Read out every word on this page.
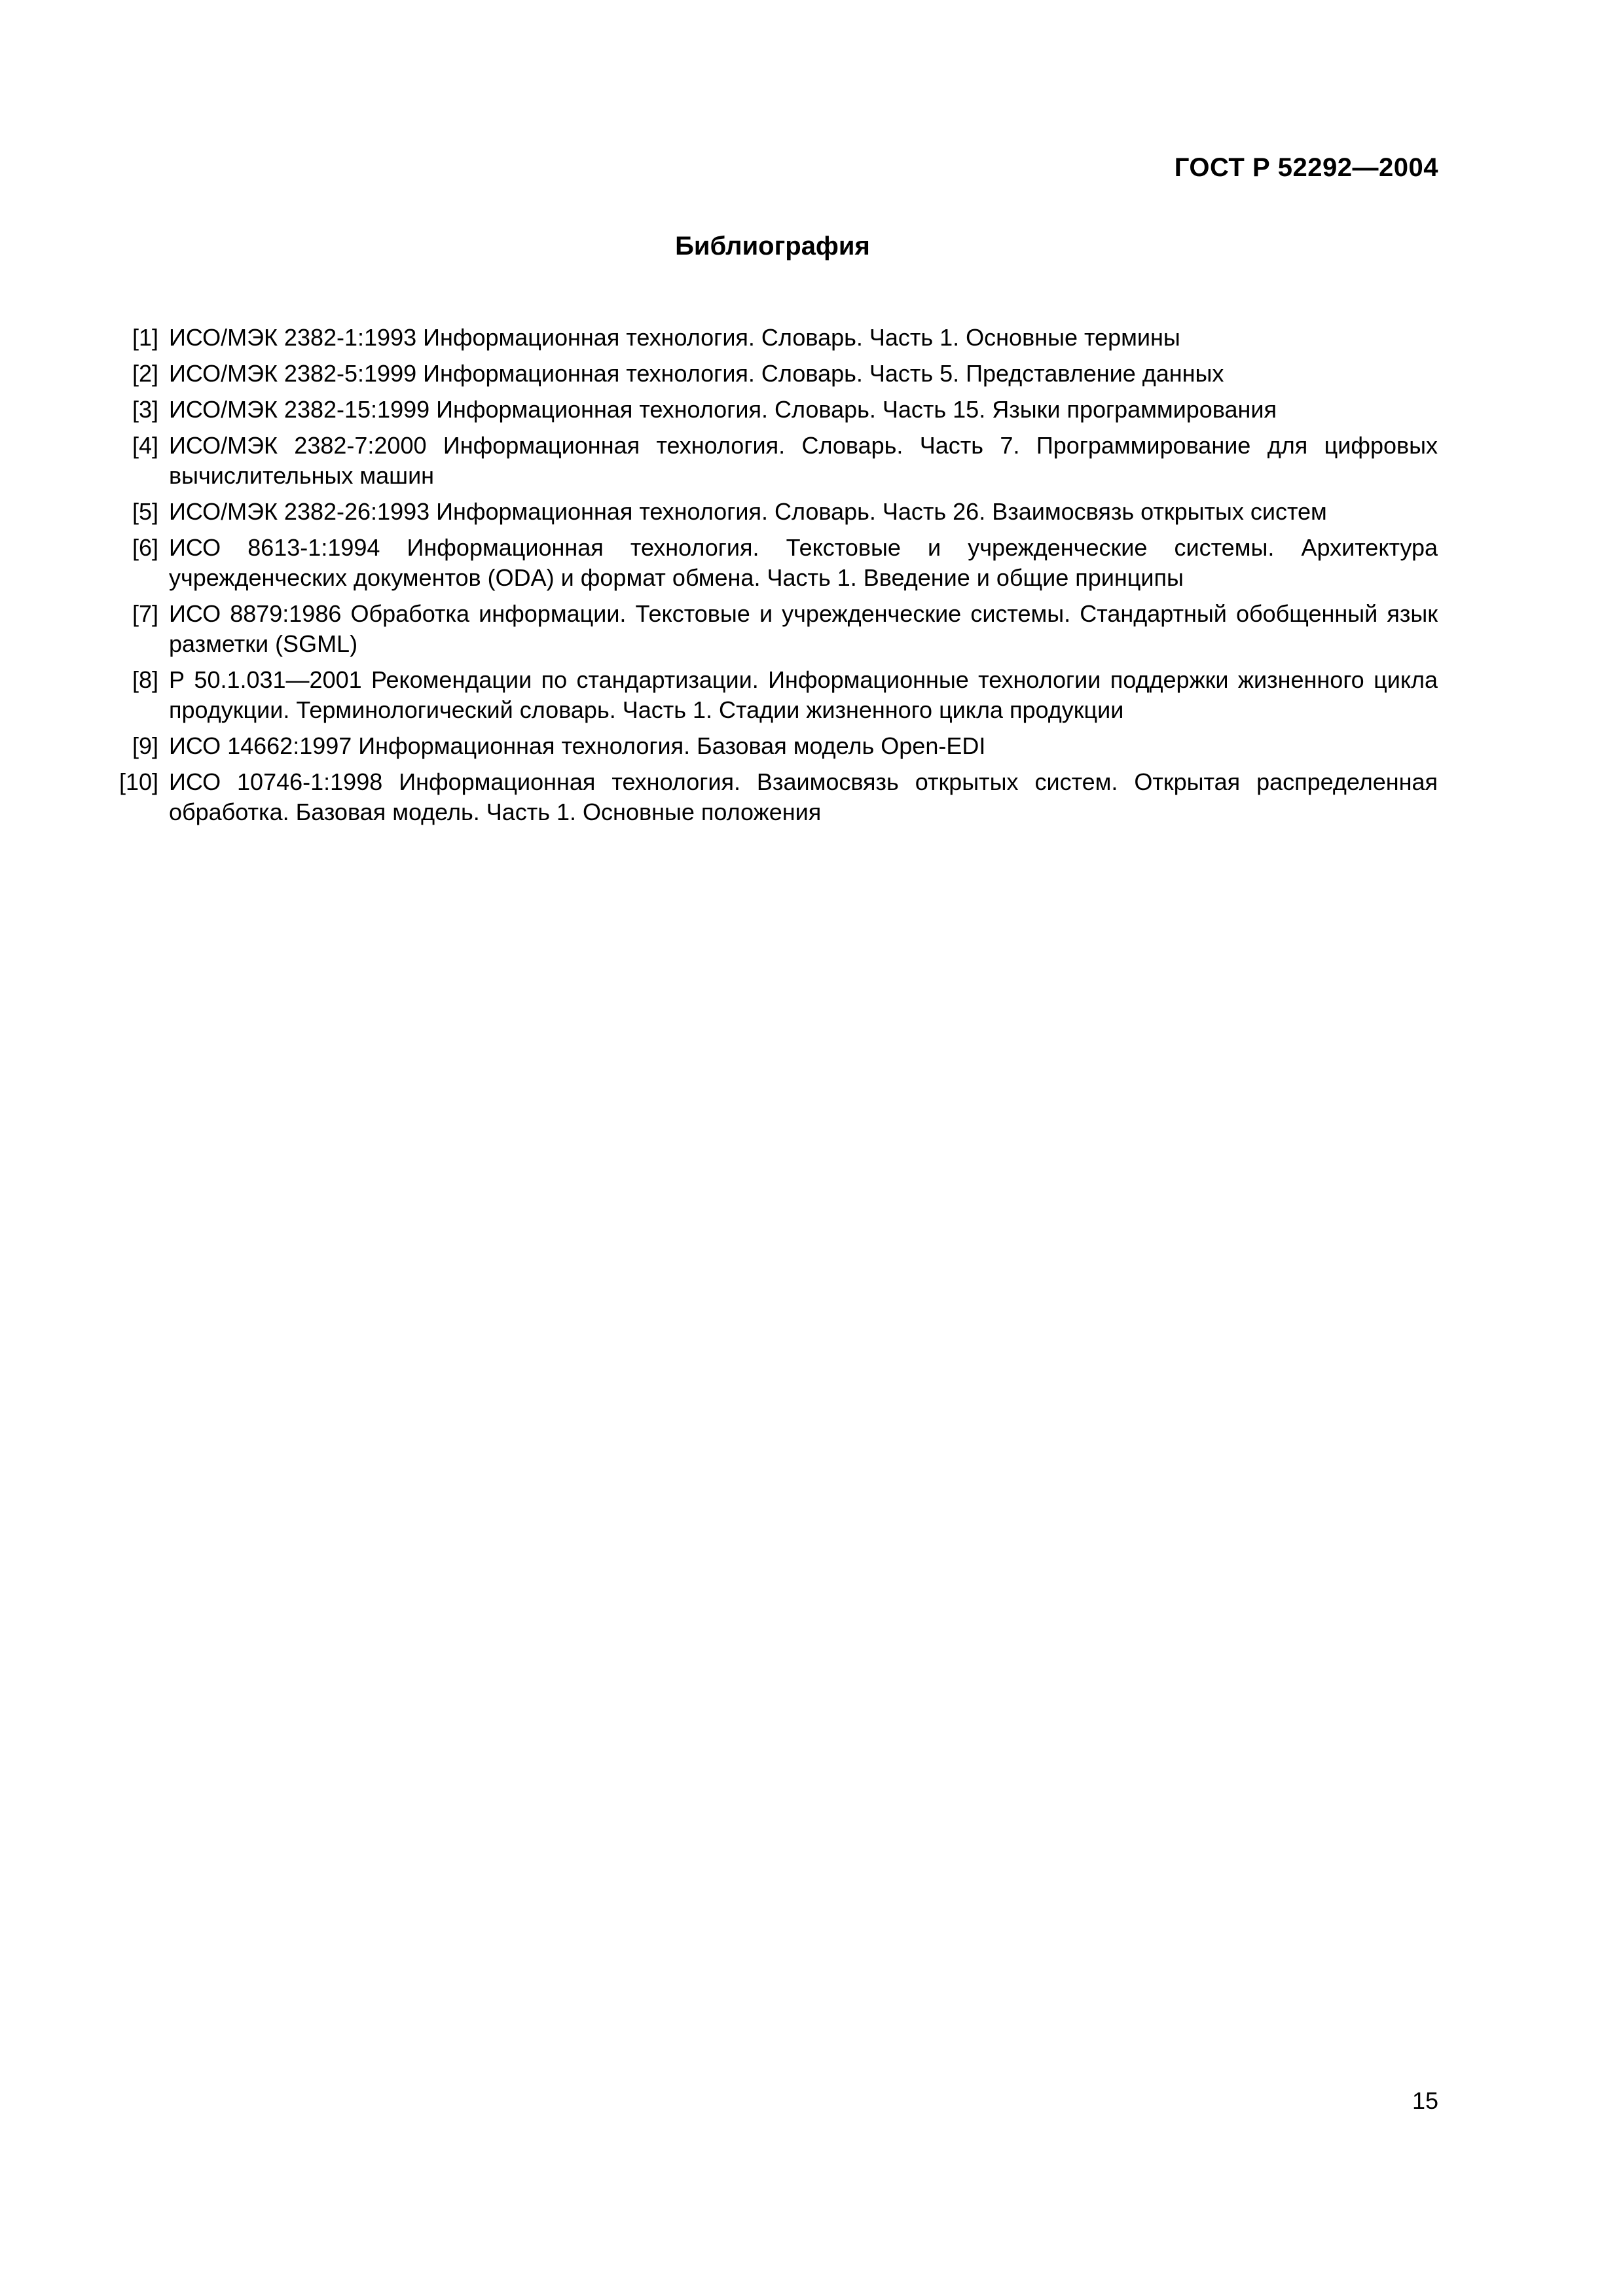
ГОСТ Р 52292—2004
Библиография
[1] ИСО/МЭК 2382-1:1993 Информационная технология. Словарь. Часть 1. Основные термины
[2] ИСО/МЭК 2382-5:1999 Информационная технология. Словарь. Часть 5. Представление данных
[3] ИСО/МЭК 2382-15:1999 Информационная технология. Словарь. Часть 15. Языки программирования
[4] ИСО/МЭК 2382-7:2000 Информационная технология. Словарь. Часть 7. Программирование для цифровых вычислительных машин
[5] ИСО/МЭК 2382-26:1993 Информационная технология. Словарь. Часть 26. Взаимосвязь открытых систем
[6] ИСО 8613-1:1994 Информационная технология. Текстовые и учрежденческие системы. Архитектура учрежденческих документов (ODA) и формат обмена. Часть 1. Введение и общие принципы
[7] ИСО 8879:1986 Обработка информации. Текстовые и учрежденческие системы. Стандартный обобщенный язык разметки (SGML)
[8] Р 50.1.031—2001 Рекомендации по стандартизации. Информационные технологии поддержки жизненного цикла продукции. Терминологический словарь. Часть 1. Стадии жизненного цикла продукции
[9] ИСО 14662:1997 Информационная технология. Базовая модель Open-EDI
[10] ИСО 10746-1:1998 Информационная технология. Взаимосвязь открытых систем. Открытая распределенная обработка. Базовая модель. Часть 1. Основные положения
15
